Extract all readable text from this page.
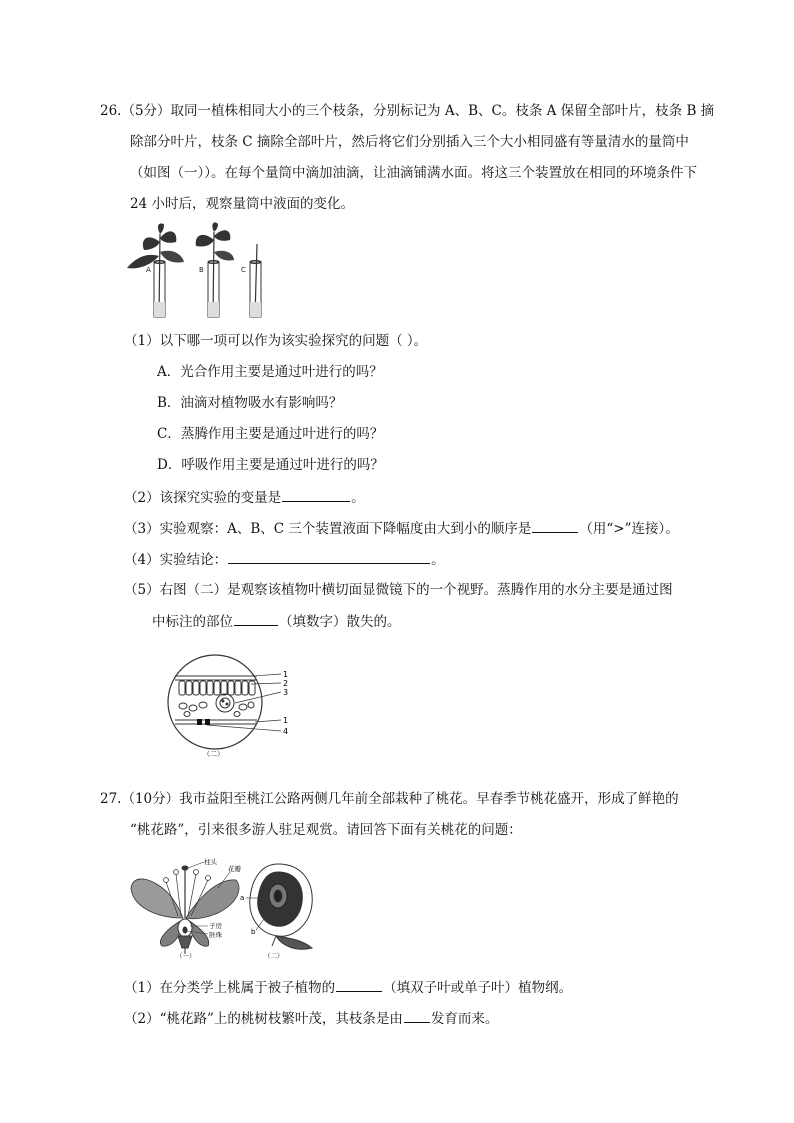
26.（5分）取同一植株相同大小的三个枝条，分别标记为 A、B、C。枝条 A 保留全部叶片，枝条 B 摘
除部分叶片，枝条 C 摘除全部叶片，然后将它们分别插入三个大小相同盛有等量清水的量筒中
（如图（一））。在每个量筒中滴加油滴，让油滴铺满水面。将这三个装置放在相同的环境条件下
24 小时后，观察量筒中液面的变化。
A	B	C
（1）以下哪一项可以作为该实验探究的问题（ ）。
A．光合作用主要是通过叶进行的吗？
B．油滴对植物吸水有影响吗？
C．蒸腾作用主要是通过叶进行的吗？
D．呼吸作用主要是通过叶进行的吗？
（2）该探究实验的变量是	。
（3）实验观察：A、B、C 三个装置液面下降幅度由大到小的顺序是	（用“>”连接）。
（4）实验结论：	。
（5）右图（二）是观察该植物叶横切面显微镜下的一个视野。蒸腾作用的水分主要是通过图
中标注的部位	（填数字）散失的。
1
2
3
1
4
（二）
27.（10分）我市益阳至桃江公路两侧几年前全部栽种了桃花。早春季节桃花盛开，形成了鲜艳的
“桃花路”，引来很多游人驻足观赏。请回答下面有关桃花的问题：
柱头
花瓣
子房
胚珠
（一）
a
b
（二）
（1）在分类学上桃属于被子植物的	（填双子叶或单子叶）植物纲。
（2）“桃花路”上的桃树枝繁叶茂，其枝条是由 发育而来。
